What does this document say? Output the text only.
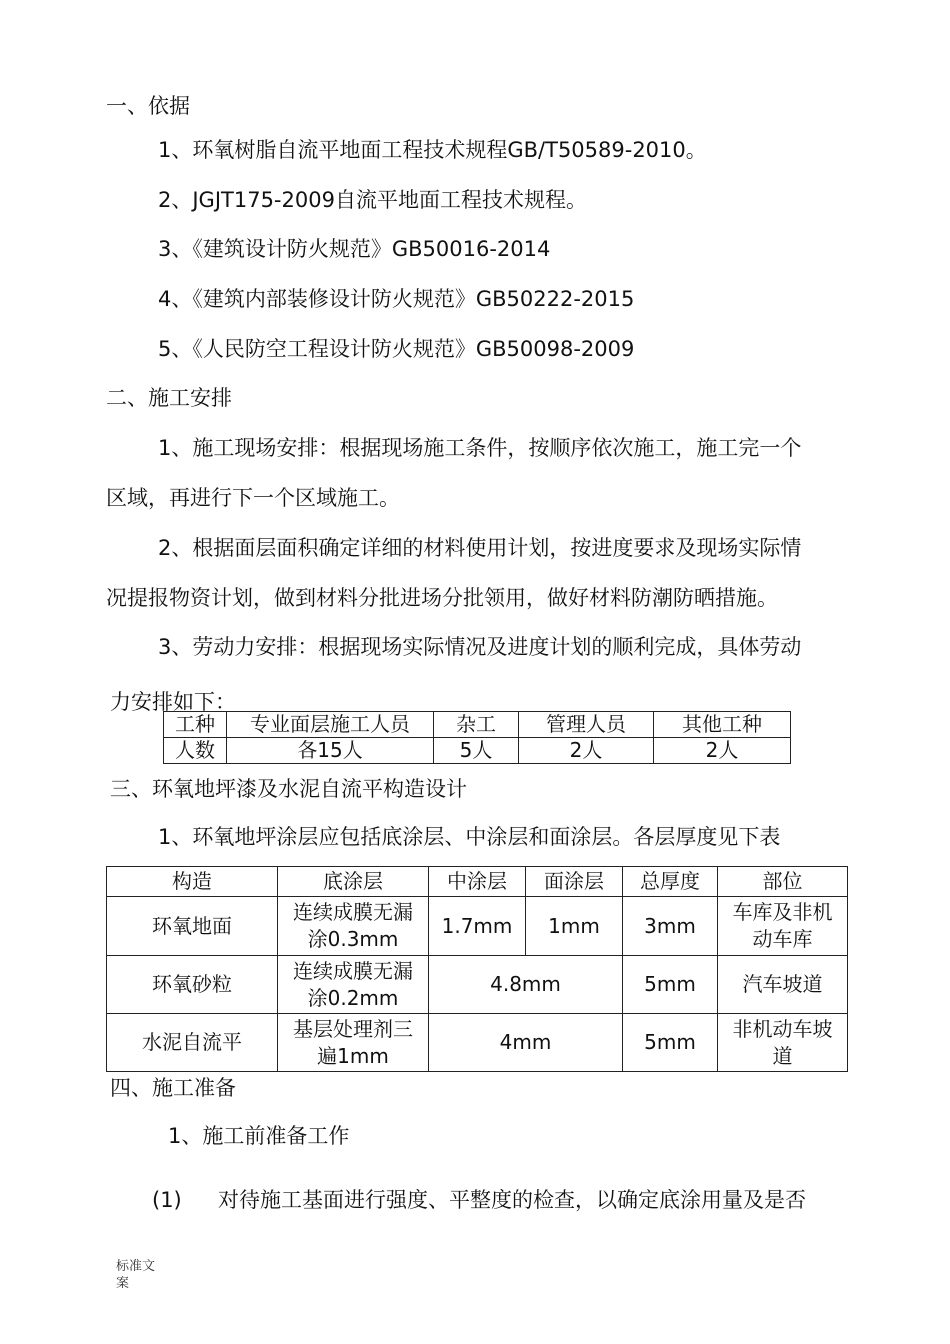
一、依据
1、环氧树脂自流平地面工程技术规程GB/T50589-2010。
2、JGJT175-2009自流平地面工程技术规程。
3、《建筑设计防火规范》GB50016-2014
4、《建筑内部装修设计防火规范》GB50222-2015
5、《人民防空工程设计防火规范》GB50098-2009
二、施工安排
1、施工现场安排：根据现场施工条件，按顺序依次施工，施工完一个
区域，再进行下一个区域施工。
2、根据面层面积确定详细的材料使用计划，按进度要求及现场实际情
况提报物资计划，做到材料分批进场分批领用，做好材料防潮防晒措施。
3、劳动力安排：根据现场实际情况及进度计划的顺利完成，具体劳动
力安排如下：
工种	专业面层施工人员	杂工	管理人员	其他工种
人数	各15人	5人	2人	2人
三、环氧地坪漆及水泥自流平构造设计
1、环氧地坪涂层应包括底涂层、中涂层和面涂层。各层厚度见下表
构造	底涂层	中涂层	面涂层	总厚度	部位
环氧地面	连续成膜无漏涂0.3mm	1.7mm	1mm	3mm	车库及非机动车库
环氧砂粒	连续成膜无漏涂0.2mm	4.8mm		5mm	汽车坡道
水泥自流平	基层处理剂三遍1mm	4mm		5mm	非机动车坡道
四、施工准备
1、施工前准备工作
(1) 对待施工基面进行强度、平整度的检查，以确定底涂用量及是否
标准文案
